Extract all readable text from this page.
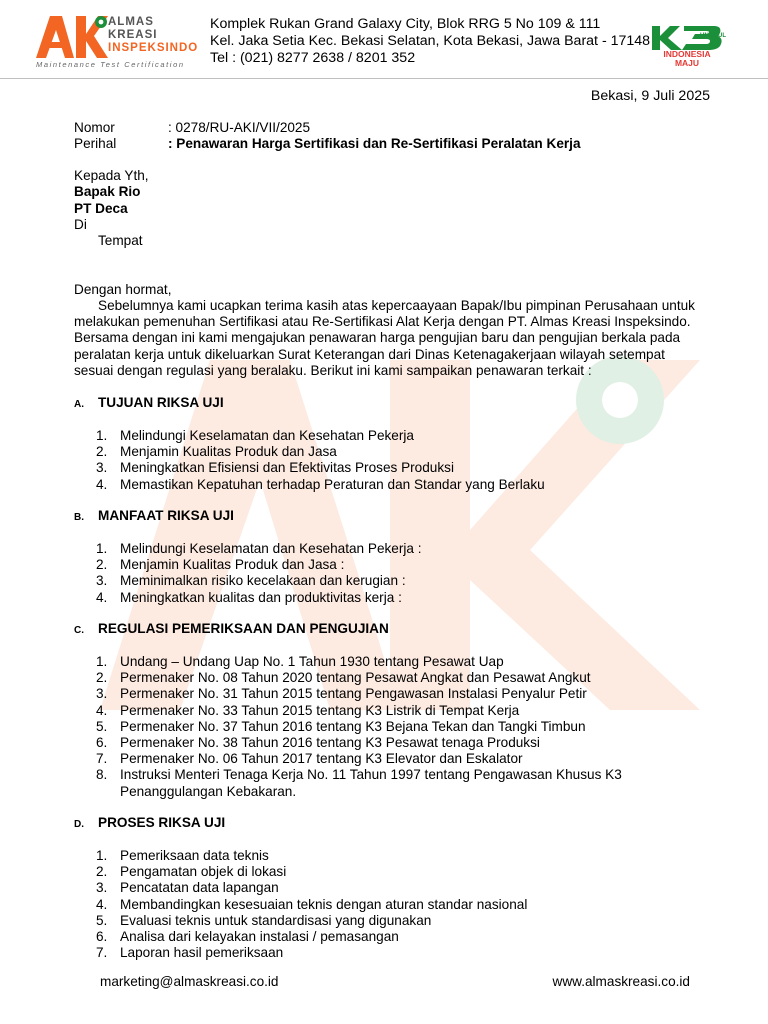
ALMAS
KREASI
INSPEKSINDO
Maintenance Test Certification
Komplek Rukan Grand Galaxy City, Blok RRG 5 No 109 & 111
Kel. Jaka Setia Kec. Bekasi Selatan, Kota Bekasi, Jawa Barat - 17148
Tel : (021) 8277 2638 / 8201 352
UNGGUL
INDONESIA
MAJU
Bekasi, 9 Juli 2025
Nomor	: 0278/RU-AKI/VII/2025
Perihal	: Penawaran Harga Sertifikasi dan Re-Sertifikasi Peralatan Kerja
Kepada Yth,
Bapak Rio
PT Deca
Di
Tempat
Dengan hormat,
Sebelumnya kami ucapkan terima kasih atas kepercaayaan Bapak/Ibu pimpinan Perusahaan untuk
melakukan pemenuhan Sertifikasi atau Re-Sertifikasi Alat Kerja dengan PT. Almas Kreasi Inspeksindo.
Bersama dengan ini kami mengajukan penawaran harga pengujian baru dan pengujian berkala pada
peralatan kerja untuk dikeluarkan Surat Keterangan dari Dinas Ketenagakerjaan wilayah setempat
sesuai dengan regulasi yang beralaku. Berikut ini kami sampaikan penawaran terkait :
A. TUJUAN RIKSA UJI
1. Melindungi Keselamatan dan Kesehatan Pekerja
2. Menjamin Kualitas Produk dan Jasa
3. Meningkatkan Efisiensi dan Efektivitas Proses Produksi
4. Memastikan Kepatuhan terhadap Peraturan dan Standar yang Berlaku
B. MANFAAT RIKSA UJI
1. Melindungi Keselamatan dan Kesehatan Pekerja :
2. Menjamin Kualitas Produk dan Jasa :
3. Meminimalkan risiko kecelakaan dan kerugian :
4. Meningkatkan kualitas dan produktivitas kerja :
C. REGULASI PEMERIKSAAN DAN PENGUJIAN
1. Undang – Undang Uap No. 1 Tahun 1930 tentang Pesawat Uap
2. Permenaker No. 08 Tahun 2020 tentang Pesawat Angkat dan Pesawat Angkut
3. Permenaker No. 31 Tahun 2015 tentang Pengawasan Instalasi Penyalur Petir
4. Permenaker No. 33 Tahun 2015 tentang K3 Listrik di Tempat Kerja
5. Permenaker No. 37 Tahun 2016 tentang K3 Bejana Tekan dan Tangki Timbun
6. Permenaker No. 38 Tahun 2016 tentang K3 Pesawat tenaga Produksi
7. Permenaker No. 06 Tahun 2017 tentang K3 Elevator dan Eskalator
8. Instruksi Menteri Tenaga Kerja No. 11 Tahun 1997 tentang Pengawasan Khusus K3
Penanggulangan Kebakaran.
D. PROSES RIKSA UJI
1. Pemeriksaan data teknis
2. Pengamatan objek di lokasi
3. Pencatatan data lapangan
4. Membandingkan kesesuaian teknis dengan aturan standar nasional
5. Evaluasi teknis untuk standardisasi yang digunakan
6. Analisa dari kelayakan instalasi / pemasangan
7. Laporan hasil pemeriksaan
marketing@almaskreasi.co.id	www.almaskreasi.co.id
